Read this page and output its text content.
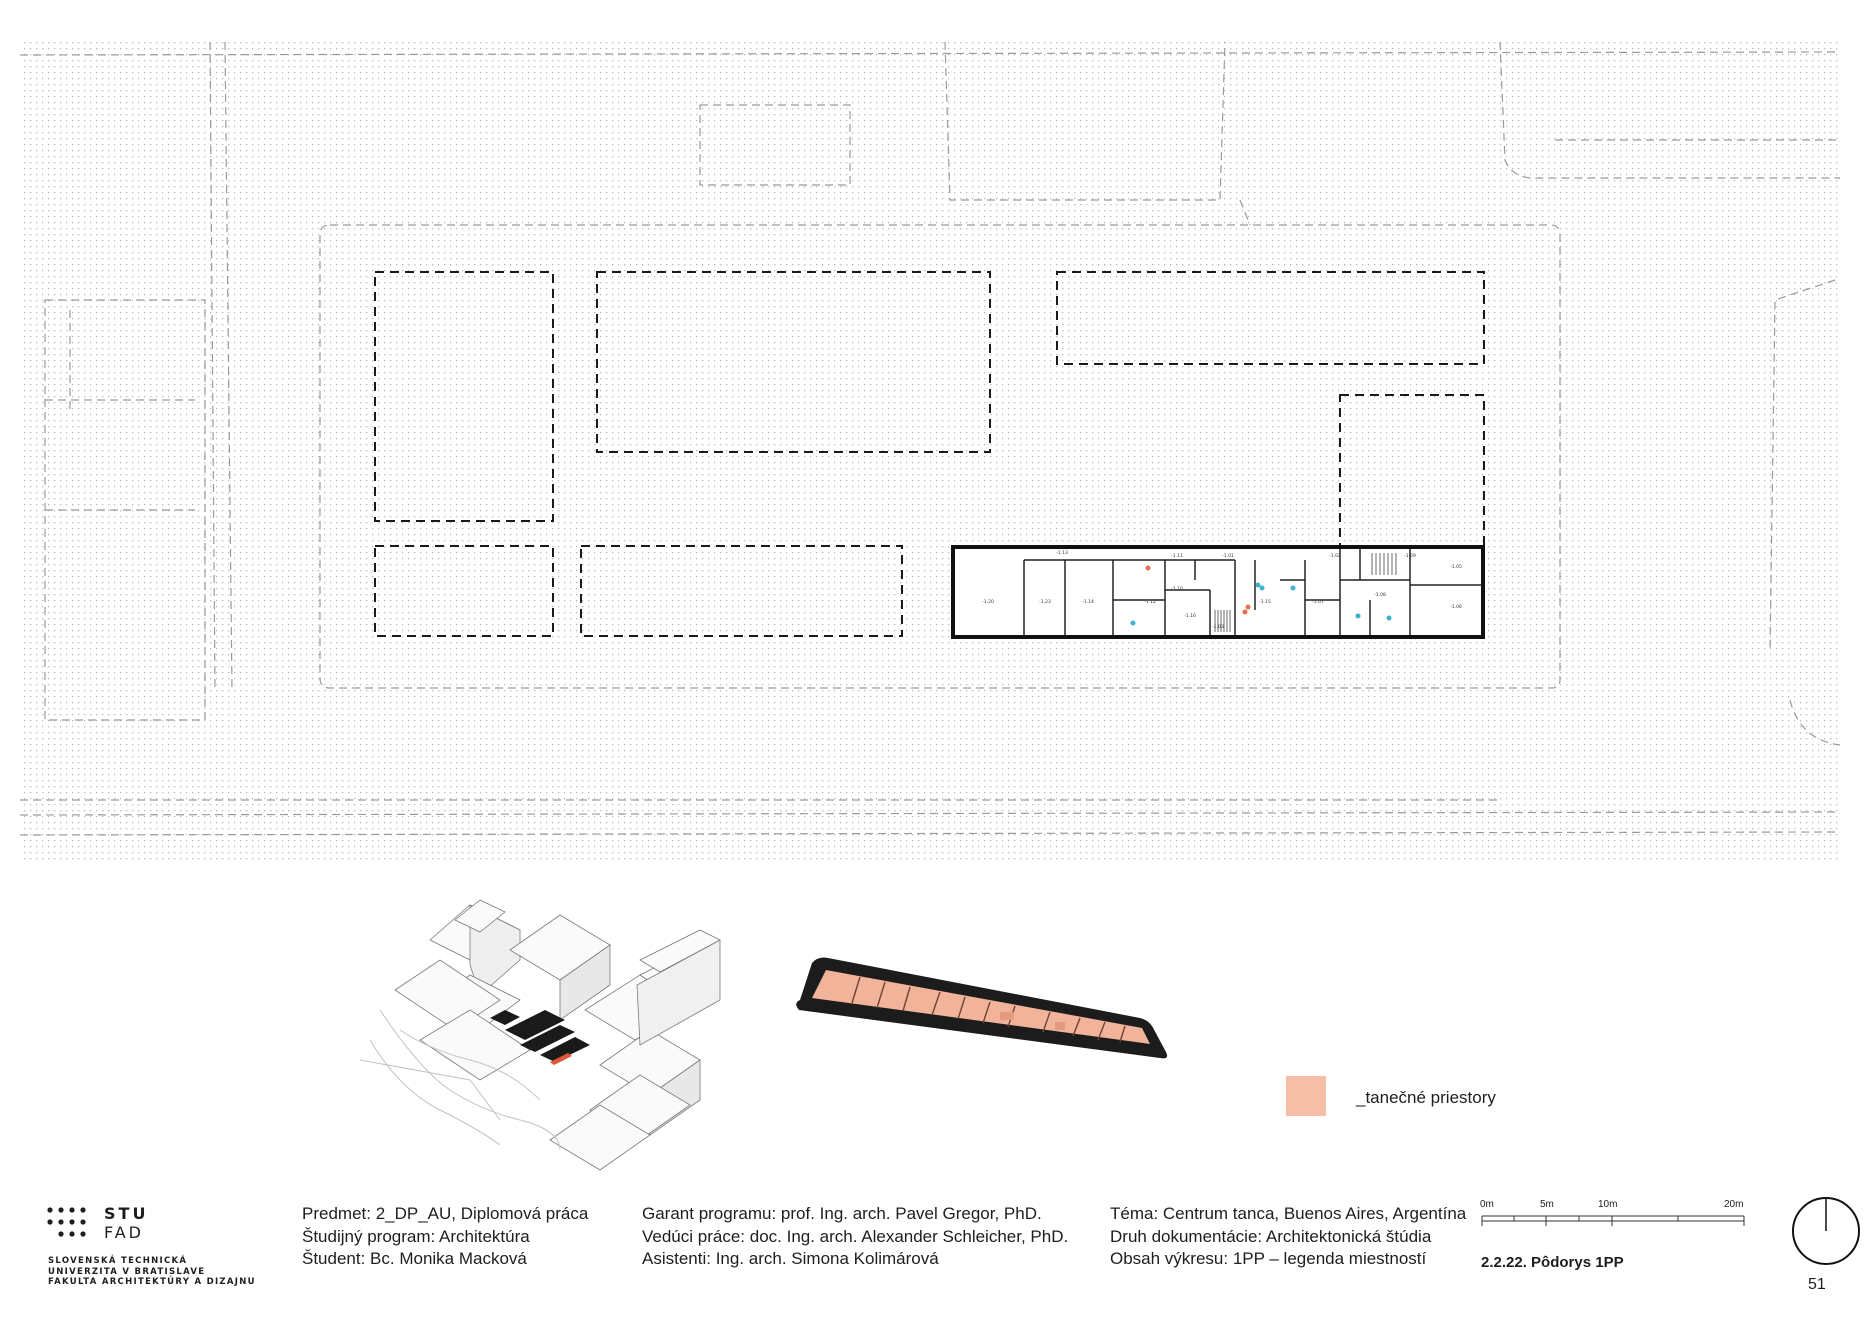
-1.20
-1.13
-1.23	-1.14
-1.11
-1.12
-1.10
-1.16
-1.03
-1.01
-1.15	-1.07
-1.02
-1.08
-1.09
-1.05
-1.06
_tanečné priestory
STU
FAD
SLOVENSKÁ TECHNICKÁ
UNIVERZITA V BRATISLAVE
FAKULTA ARCHITEKTÚRY A DIZAJNU
Predmet: 2_DP_AU, Diplomová práca
Študijný program: Architektúra
Študent: Bc. Monika Macková
Garant programu: prof. Ing. arch. Pavel Gregor, PhD.
Vedúci práce: doc. Ing. arch. Alexander Schleicher, PhD.
Asistenti: Ing. arch. Simona Kolimárová
Téma: Centrum tanca, Buenos Aires, Argentína
Druh dokumentácie: Architektonická štúdia
Obsah výkresu: 1PP – legenda miestností
0m	5m	10m	20m
2.2.22. Pôdorys 1PP
51
